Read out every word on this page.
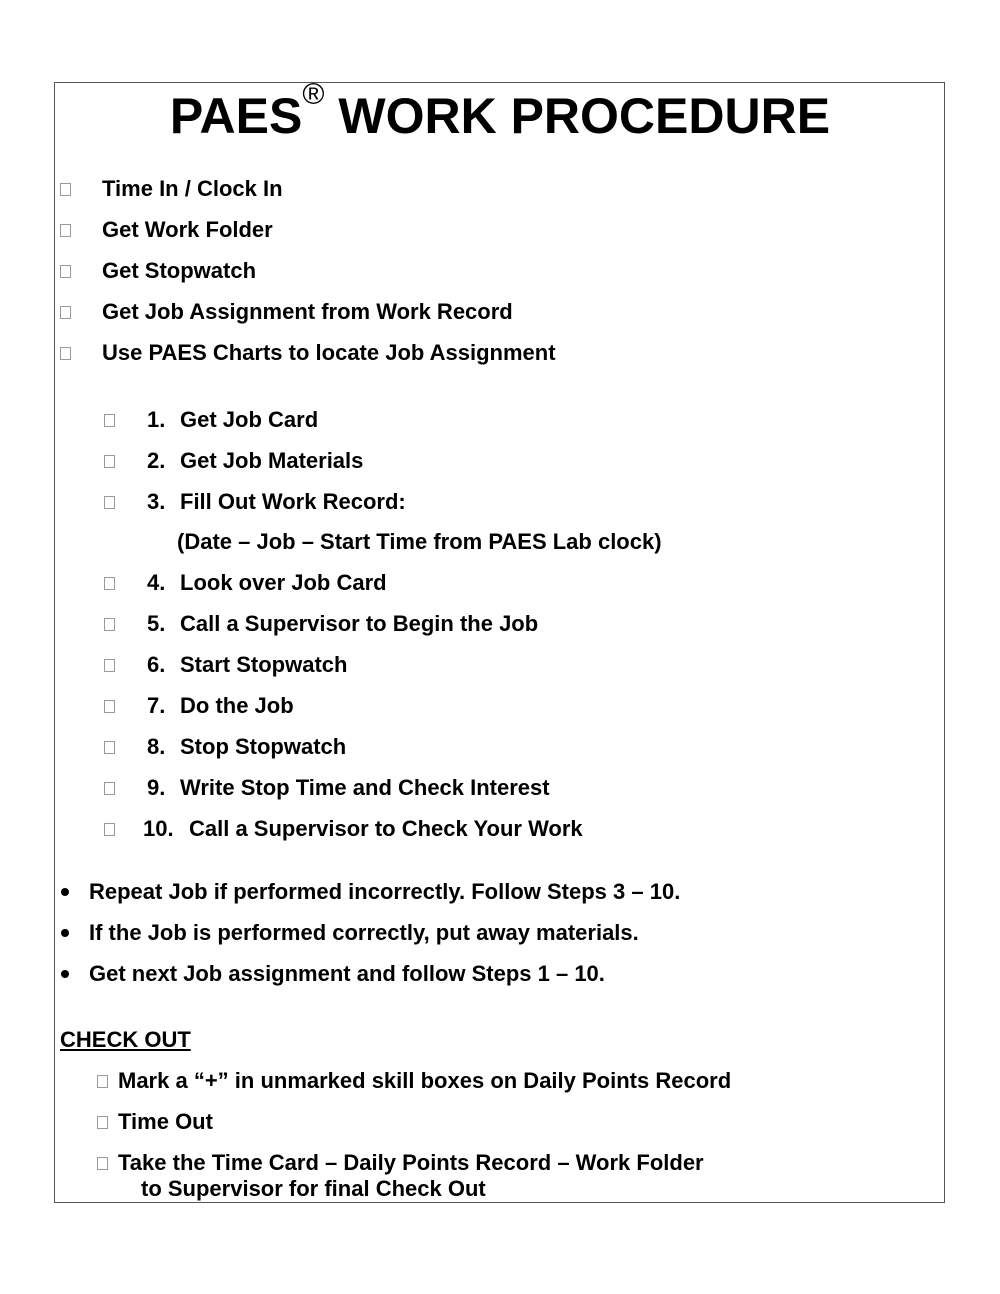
PAES® WORK PROCEDURE
Time In / Clock In
Get Work Folder
Get Stopwatch
Get Job Assignment from Work Record
Use PAES Charts to locate Job Assignment
1. Get Job Card
2. Get Job Materials
3. Fill Out Work Record:
(Date – Job – Start Time from PAES Lab clock)
4. Look over Job Card
5. Call a Supervisor to Begin the Job
6. Start Stopwatch
7. Do the Job
8. Stop Stopwatch
9. Write Stop Time and Check Interest
10. Call a Supervisor to Check Your Work
Repeat Job if performed incorrectly. Follow Steps 3 – 10.
If the Job is performed correctly, put away materials.
Get next Job assignment and follow Steps 1 – 10.
CHECK OUT
Mark a “+” in unmarked skill boxes on Daily Points Record
Time Out
Take the Time Card – Daily Points Record – Work Folder
to Supervisor for final Check Out
